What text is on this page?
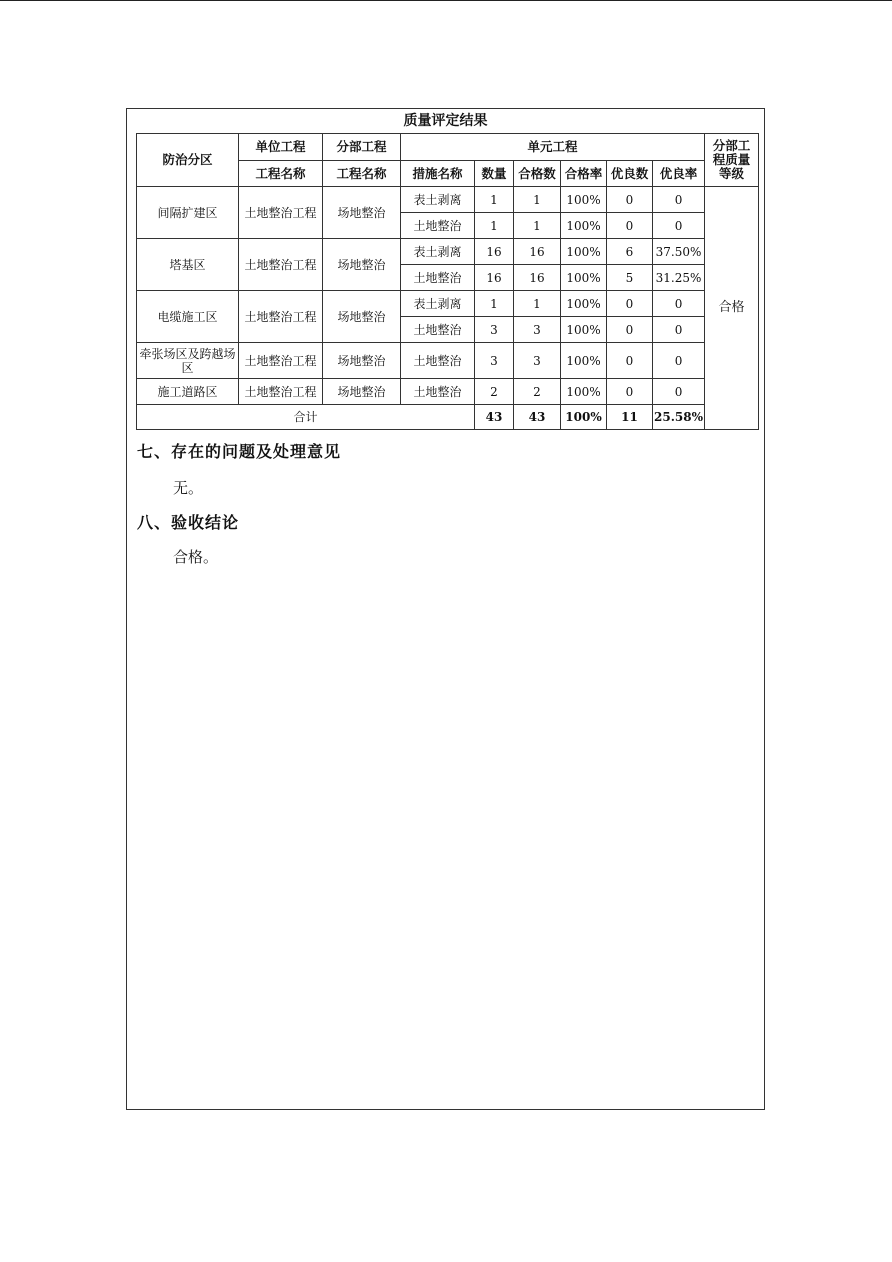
质量评定结果
防治分区	单位工程	分部工程	单元工程						分部工程质量等级
	工程名称	工程名称	措施名称	数量	合格数	合格率	优良数	优良率	
间隔扩建区	土地整治工程	场地整治	表土剥离	1	1	100%	0	0	合格
			土地整治	1	1	100%	0	0	
塔基区	土地整治工程	场地整治	表土剥离	16	16	100%	6	37.50%	
			土地整治	16	16	100%	5	31.25%	
电缆施工区	土地整治工程	场地整治	表土剥离	1	1	100%	0	0	
			土地整治	3	3	100%	0	0	
牵张场区及跨越场区	土地整治工程	场地整治	土地整治	3	3	100%	0	0	
施工道路区	土地整治工程	场地整治	土地整治	2	2	100%	0	0	
合计				43	43	100%	11	25.58%	
七、存在的问题及处理意见
无。
八、验收结论
合格。
